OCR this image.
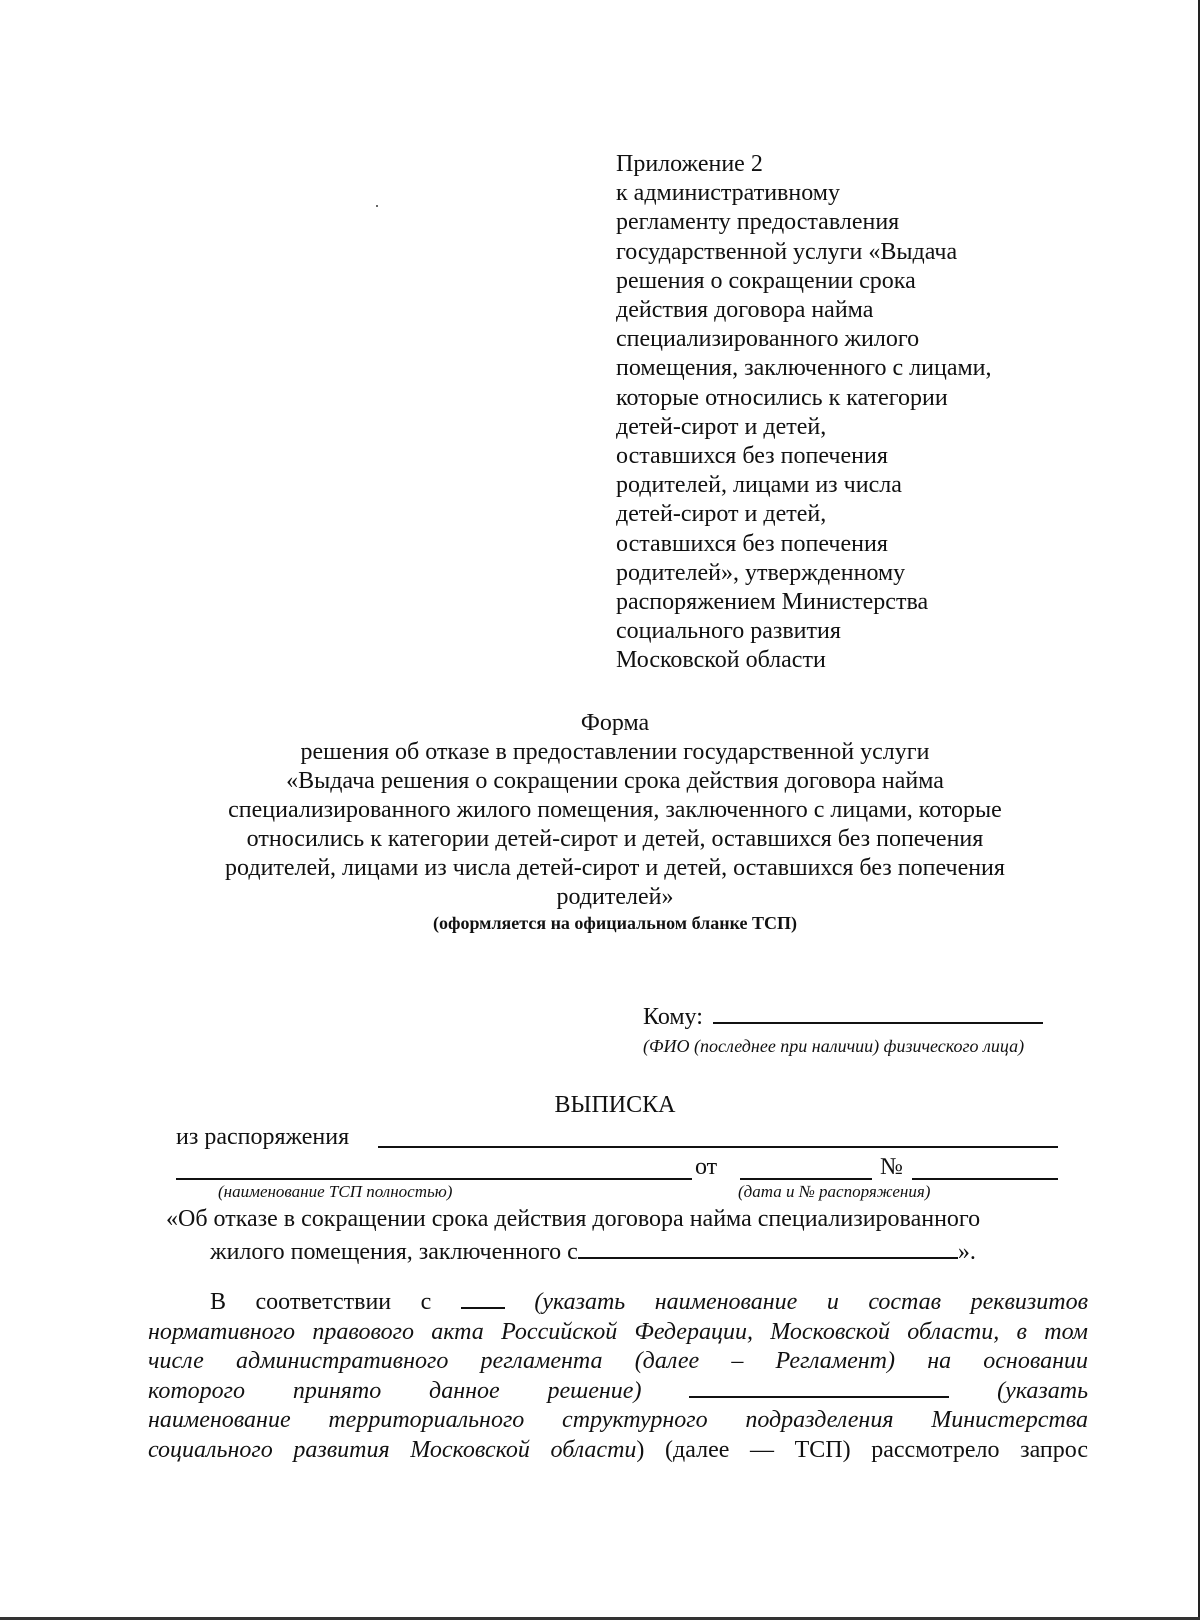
Приложение 2
к административному
регламенту предоставления
государственной услуги «Выдача
решения о сокращении срока
действия договора найма
специализированного жилого
помещения, заключенного с лицами,
которые относились к категории
детей-сирот и детей,
оставшихся без попечения
родителей, лицами из числа
детей-сирот и детей,
оставшихся без попечения
родителей», утвержденному
распоряжением Министерства
социального развития
Московской области
Форма
решения об отказе в предоставлении государственной услуги
«Выдача решения о сокращении срока действия договора найма
специализированного жилого помещения, заключенного с лицами, которые
относились к категории детей-сирот и детей, оставшихся без попечения
родителей, лицами из числа детей-сирот и детей, оставшихся без попечения
родителей»
(оформляется на официальном бланке ТСП)
Кому:
(ФИО (последнее при наличии) физического лица)
ВЫПИСКА
из распоряжения
от	№
(наименование ТСП полностью)	(дата и № распоряжения)
«Об отказе в сокращении срока действия договора найма специализированного
жилого помещения, заключенного с	».
В соответствии с	(указать наименование и состав реквизитов
нормативного правового акта Российской Федерации, Московской области, в том
числе административного регламента (далее – Регламент) на основании
которого принято данное решение)	(указать
наименование территориального структурного подразделения Министерства
социального развития Московской области) (далее — ТСП) рассмотрело запрос
